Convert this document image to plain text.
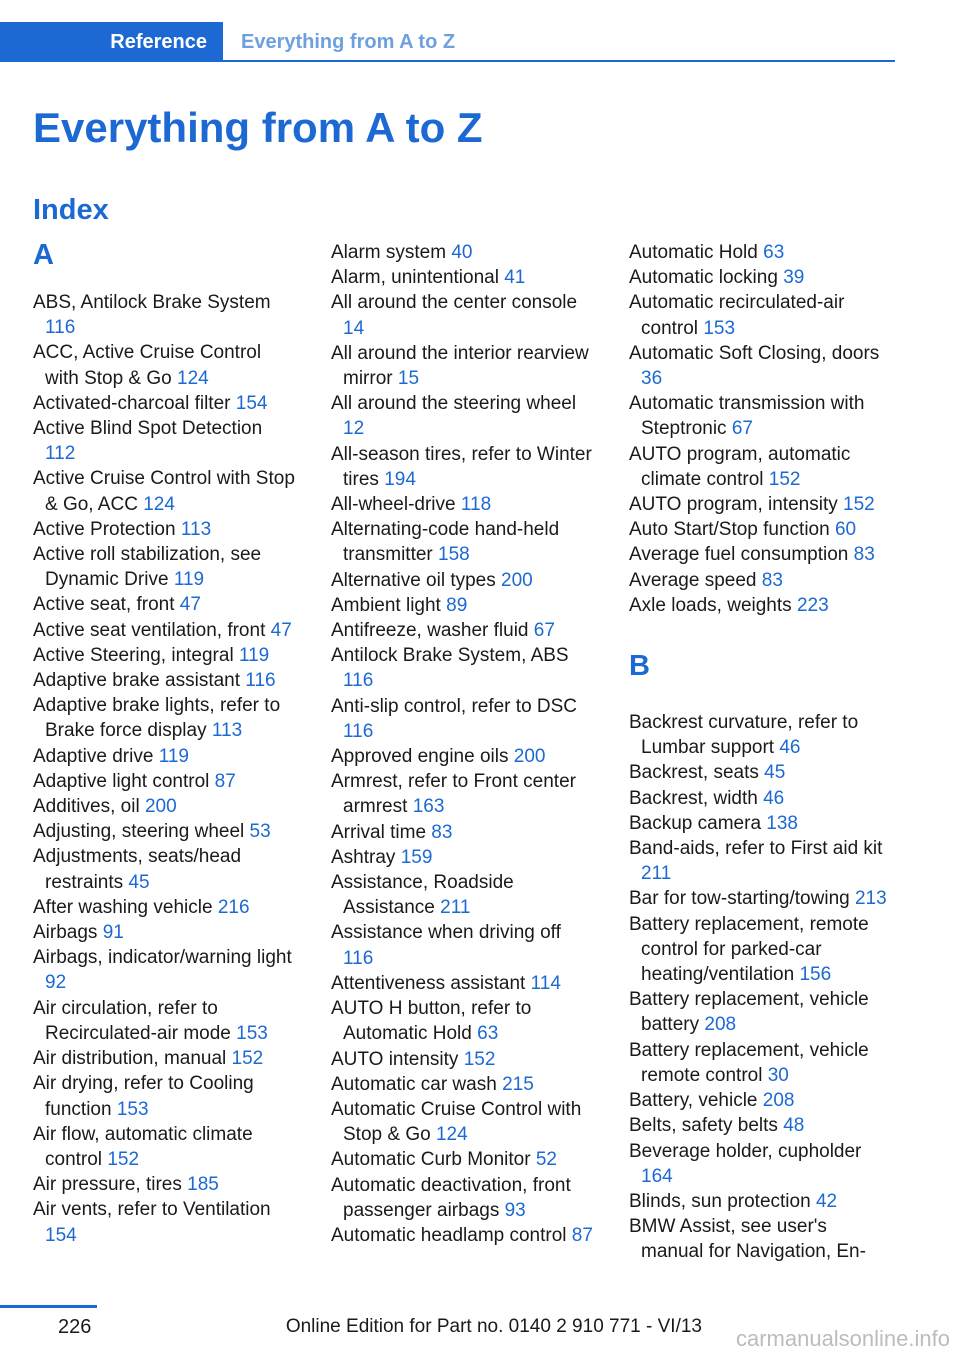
Reference	Everything from A to Z
Everything from A to Z
Index
A

ABS, Antilock Brake System 116

ACC, Active Cruise Control with Stop & Go 124

Activated-charcoal filter 154

Active Blind Spot Detection 112

Active Cruise Control with Stop & Go, ACC 124

Active Protection 113

Active roll stabilization, see Dynamic Drive 119

Active seat, front 47

Active seat ventilation, front 47

Active Steering, integral 119

Adaptive brake assistant 116

Adaptive brake lights, refer to Brake force display 113

Adaptive drive 119

Adaptive light control 87

Additives, oil 200

Adjusting, steering wheel 53

Adjustments, seats/head restraints 45

After washing vehicle 216

Airbags 91

Airbags, indicator/warning light 92

Air circulation, refer to Recirculated-air mode 153

Air distribution, manual 152

Air drying, refer to Cooling function 153

Air flow, automatic climate control 152

Air pressure, tires 185

Air vents, refer to Ventilation 154

Alarm system 40

Alarm, unintentional 41

All around the center console 14

All around the interior rearview mirror 15

All around the steering wheel 12

All-season tires, refer to Winter tires 194

All-wheel-drive 118

Alternating-code hand-held transmitter 158

Alternative oil types 200

Ambient light 89

Antifreeze, washer fluid 67

Antilock Brake System, ABS 116

Anti-slip control, refer to DSC 116

Approved engine oils 200

Armrest, refer to Front center armrest 163

Arrival time 83

Ashtray 159

Assistance, Roadside Assistance 211

Assistance when driving off 116

Attentiveness assistant 114

AUTO H button, refer to Automatic Hold 63

AUTO intensity 152

Automatic car wash 215

Automatic Cruise Control with Stop & Go 124

Automatic Curb Monitor 52

Automatic deactivation, front passenger airbags 93

Automatic headlamp control 87

Automatic Hold 63

Automatic locking 39

Automatic recirculated-air control 153

Automatic Soft Closing, doors 36

Automatic transmission with Steptronic 67

AUTO program, automatic climate control 152

AUTO program, intensity 152

Auto Start/Stop function 60

Average fuel consumption 83

Average speed 83

Axle loads, weights 223

B

Backrest curvature, refer to Lumbar support 46

Backrest, seats 45

Backrest, width 46

Backup camera 138

Band-aids, refer to First aid kit 211

Bar for tow-starting/towing 213

Battery replacement, remote control for parked-car heating/ventilation 156

Battery replacement, vehicle battery 208

Battery replacement, vehicle remote control 30

Battery, vehicle 208

Belts, safety belts 48

Beverage holder, cupholder 164

Blinds, sun protection 42

BMW Assist, see user's manual for Navigation, En-

226	Online Edition for Part no. 0140 2 910 771 - VI/13 carmanualsonline.info
